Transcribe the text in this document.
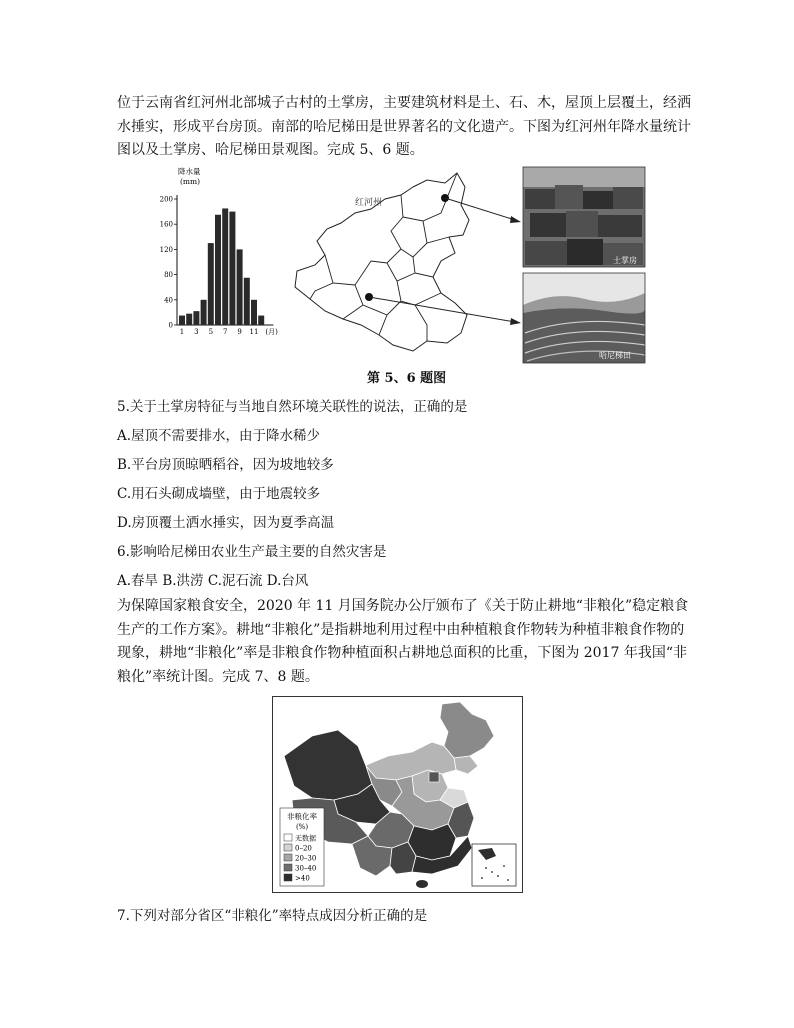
位于云南省红河州北部城子古村的土掌房，主要建筑材料是土、石、木，屋顶上层覆土，经洒水捶实，形成平台房顶。南部的哈尼梯田是世界著名的文化遗产。下图为红河州年降水量统计图以及土掌房、哈尼梯田景观图。完成 5、6 题。
降水量
(mm)
0
40
80
120
160
200
1 3 5 7 9 11 (月)
红河州
土掌房
哈尼梯田
第 5、6 题图
5.关于土掌房特征与当地自然环境关联性的说法，正确的是
A.屋顶不需要排水，由于降水稀少
B.平台房顶晾晒稻谷，因为坡地较多
C.用石头砌成墙壁，由于地震较多
D.房顶覆土洒水捶实，因为夏季高温
6.影响哈尼梯田农业生产最主要的自然灾害是
A.春旱 B.洪涝 C.泥石流 D.台风
为保障国家粮食安全，2020 年 11 月国务院办公厅颁布了《关于防止耕地“非粮化”稳定粮食生产的工作方案》。耕地“非粮化”是指耕地利用过程中由种植粮食作物转为种植非粮食作物的现象，耕地“非粮化”率是非粮食作物种植面积占耕地总面积的比重，下图为 2017 年我国“非粮化”率统计图。完成 7、8 题。
非粮化率
(%)
无数据
0–20
20–30
30–40
>40
7.下列对部分省区“非粮化”率特点成因分析正确的是
